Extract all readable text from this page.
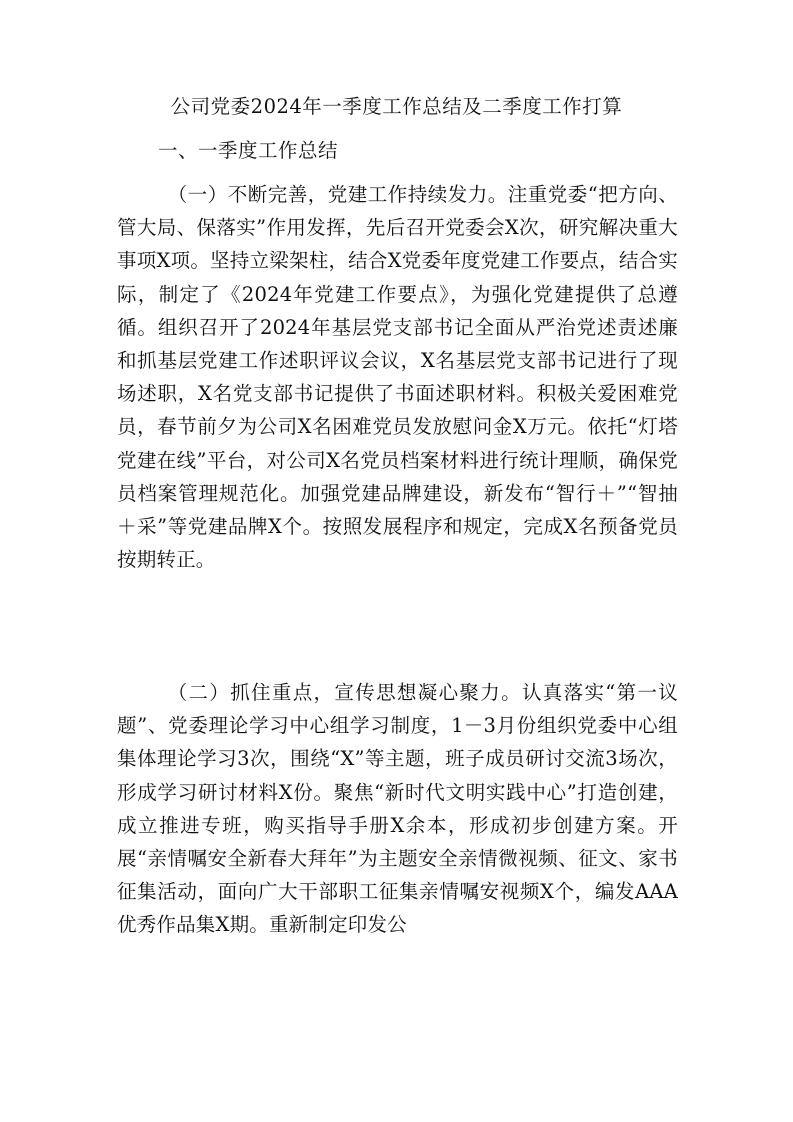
公司党委2024年一季度工作总结及二季度工作打算
一、一季度工作总结

（一）不断完善，党建工作持续发力。注重党委“把方向、管大局、保落实”作用发挥，先后召开党委会X次，研究解决重大事项X项。坚持立梁架柱，结合X党委年度党建工作要点，结合实际，制定了《2024年党建工作要点》，为强化党建提供了总遵循。组织召开了2024年基层党支部书记全面从严治党述责述廉和抓基层党建工作述职评议会议，X名基层党支部书记进行了现场述职，X名党支部书记提供了书面述职材料。积极关爱困难党员，春节前夕为公司X名困难党员发放慰问金X万元。依托“灯塔党建在线”平台，对公司X名党员档案材料进行统计理顺，确保党员档案管理规范化。加强党建品牌建设，新发布“智行＋”“智抽＋采”等党建品牌X个。按照发展程序和规定，完成X名预备党员按期转正。

（二）抓住重点，宣传思想凝心聚力。认真落实“第一议题”、党委理论学习中心组学习制度，1－3月份组织党委中心组集体理论学习3次，围绕“X”等主题，班子成员研讨交流3场次，形成学习研讨材料X份。聚焦“新时代文明实践中心”打造创建，成立推进专班，购买指导手册X余本，形成初步创建方案。开展“亲情嘱安全新春大拜年”为主题安全亲情微视频、征文、家书征集活动，面向广大干部职工征集亲情嘱安视频X个，编发AAA优秀作品集X期。重新制定印发公
